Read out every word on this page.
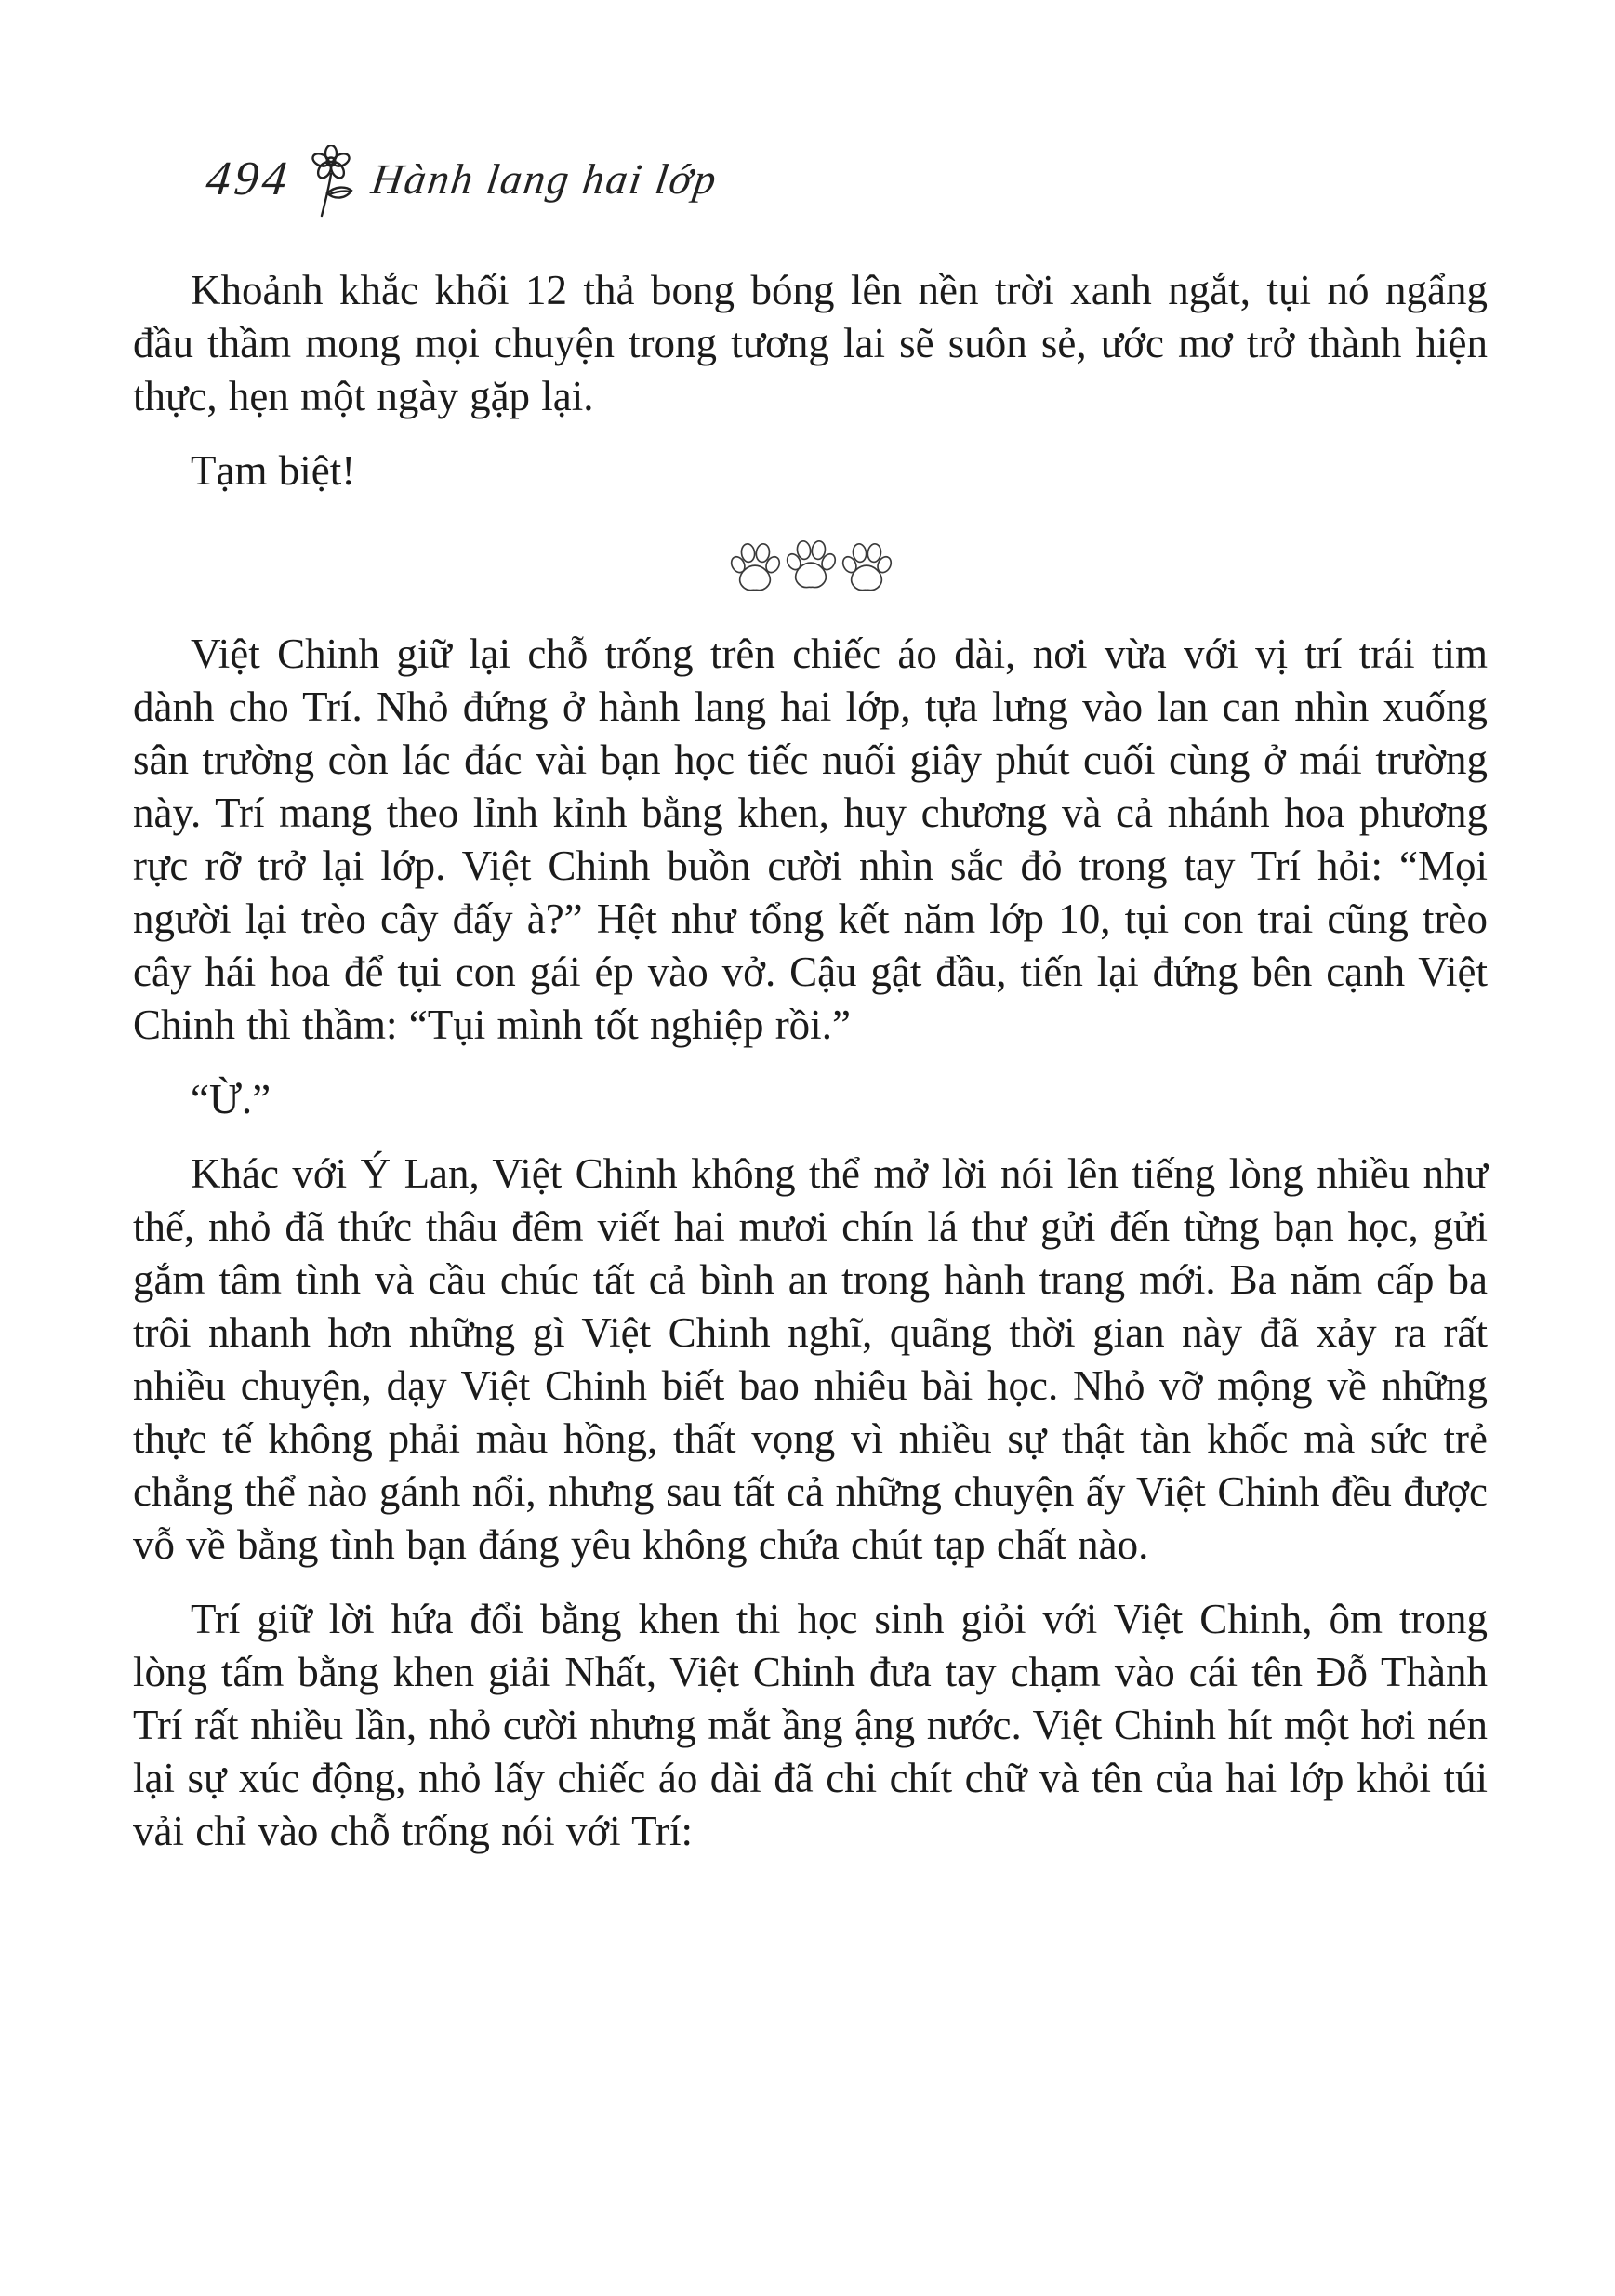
494 Hành lang hai lớp

Khoảnh khắc khối 12 thả bong bóng lên nền trời xanh ngắt, tụi nó ngẩng đầu thầm mong mọi chuyện trong tương lai sẽ suôn sẻ, ước mơ trở thành hiện thực, hẹn một ngày gặp lại.

Tạm biệt!

Việt Chinh giữ lại chỗ trống trên chiếc áo dài, nơi vừa với vị trí trái tim dành cho Trí. Nhỏ đứng ở hành lang hai lớp, tựa lưng vào lan can nhìn xuống sân trường còn lác đác vài bạn học tiếc nuối giây phút cuối cùng ở mái trường này. Trí mang theo lỉnh kỉnh bằng khen, huy chương và cả nhánh hoa phương rực rỡ trở lại lớp. Việt Chinh buồn cười nhìn sắc đỏ trong tay Trí hỏi: “Mọi người lại trèo cây đấy à?” Hệt như tổng kết năm lớp 10, tụi con trai cũng trèo cây hái hoa để tụi con gái ép vào vở. Cậu gật đầu, tiến lại đứng bên cạnh Việt Chinh thì thầm: “Tụi mình tốt nghiệp rồi.”

“Ừ.”

Khác với Ý Lan, Việt Chinh không thể mở lời nói lên tiếng lòng nhiều như thế, nhỏ đã thức thâu đêm viết hai mươi chín lá thư gửi đến từng bạn học, gửi gắm tâm tình và cầu chúc tất cả bình an trong hành trang mới. Ba năm cấp ba trôi nhanh hơn những gì Việt Chinh nghĩ, quãng thời gian này đã xảy ra rất nhiều chuyện, dạy Việt Chinh biết bao nhiêu bài học. Nhỏ vỡ mộng về những thực tế không phải màu hồng, thất vọng vì nhiều sự thật tàn khốc mà sức trẻ chẳng thể nào gánh nổi, nhưng sau tất cả những chuyện ấy Việt Chinh đều được vỗ về bằng tình bạn đáng yêu không chứa chút tạp chất nào.

Trí giữ lời hứa đổi bằng khen thi học sinh giỏi với Việt Chinh, ôm trong lòng tấm bằng khen giải Nhất, Việt Chinh đưa tay chạm vào cái tên Đỗ Thành Trí rất nhiều lần, nhỏ cười nhưng mắt ầng ậng nước. Việt Chinh hít một hơi nén lại sự xúc động, nhỏ lấy chiếc áo dài đã chi chít chữ và tên của hai lớp khỏi túi vải chỉ vào chỗ trống nói với Trí:
